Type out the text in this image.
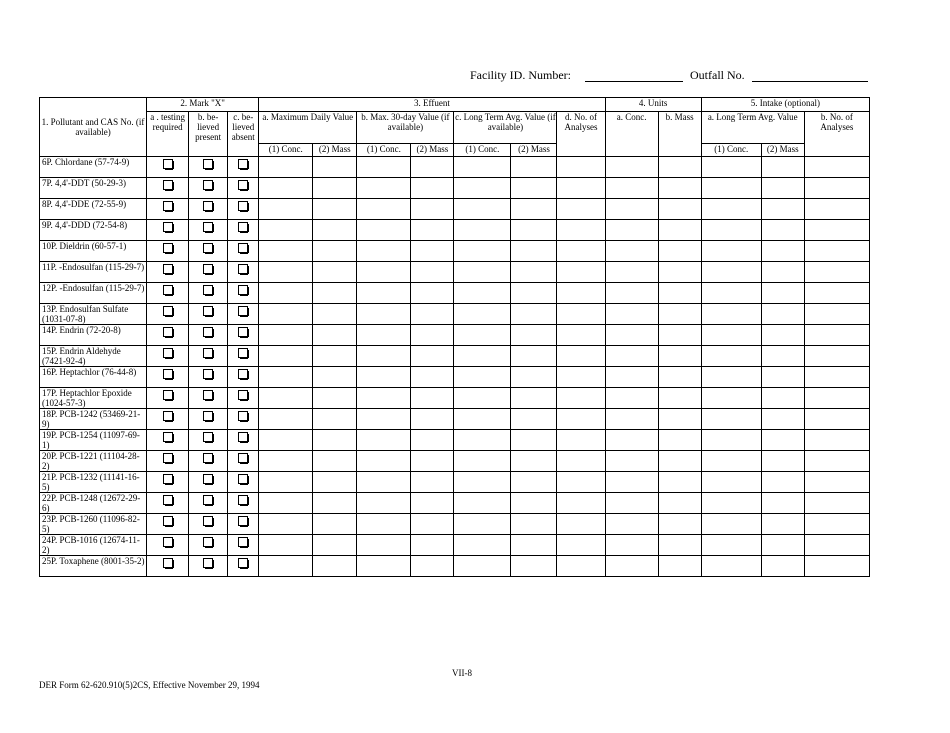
Facility ID. Number:	Outfall No.
1. Pollutant and CAS No. (if available)	2. Mark "X"			3. Effuent							4. Units		5. Intake (optional)		
	a . testing required	b. be- lieved present	c. be- lieved absent	a. Maximum Daily Value		b. Max. 30-day Value (if available)		c. Long Term Avg. Value (if available)		d. No. of Analyses	a. Conc.	b. Mass	a. Long Term Avg. Value		b. No. of Analyses
				(1) Conc.	(2) Mass	(1) Conc.	(2) Mass	(1) Conc.	(2) Mass				(1) Conc.	(2) Mass	
6P. Chlordane (57-74-9)															
7P. 4,4'-DDT (50-29-3)															
8P. 4,4'-DDE (72-55-9)															
9P. 4,4'-DDD (72-54-8)															
10P. Dieldrin (60-57-1)															
11P. -Endosulfan (115-29-7)															
12P. -Endosulfan (115-29-7)															
13P. Endosulfan Sulfate (1031-07-8)															
14P. Endrin (72-20-8)															
15P. Endrin Aldehyde (7421-92-4)															
16P. Heptachlor (76-44-8)															
17P. Heptachlor Epoxide (1024-57-3)															
18P. PCB-1242 (53469-21-9)															
19P. PCB-1254 (11097-69-1)															
20P. PCB-1221 (11104-28-2)															
21P. PCB-1232 (11141-16-5)															
22P. PCB-1248 (12672-29-6)															
23P. PCB-1260 (11096-82-5)															
24P. PCB-1016 (12674-11-2)															
25P. Toxaphene (8001-35-2)															
VII-8
DER Form 62-620.910(5)2CS, Effective November 29, 1994
